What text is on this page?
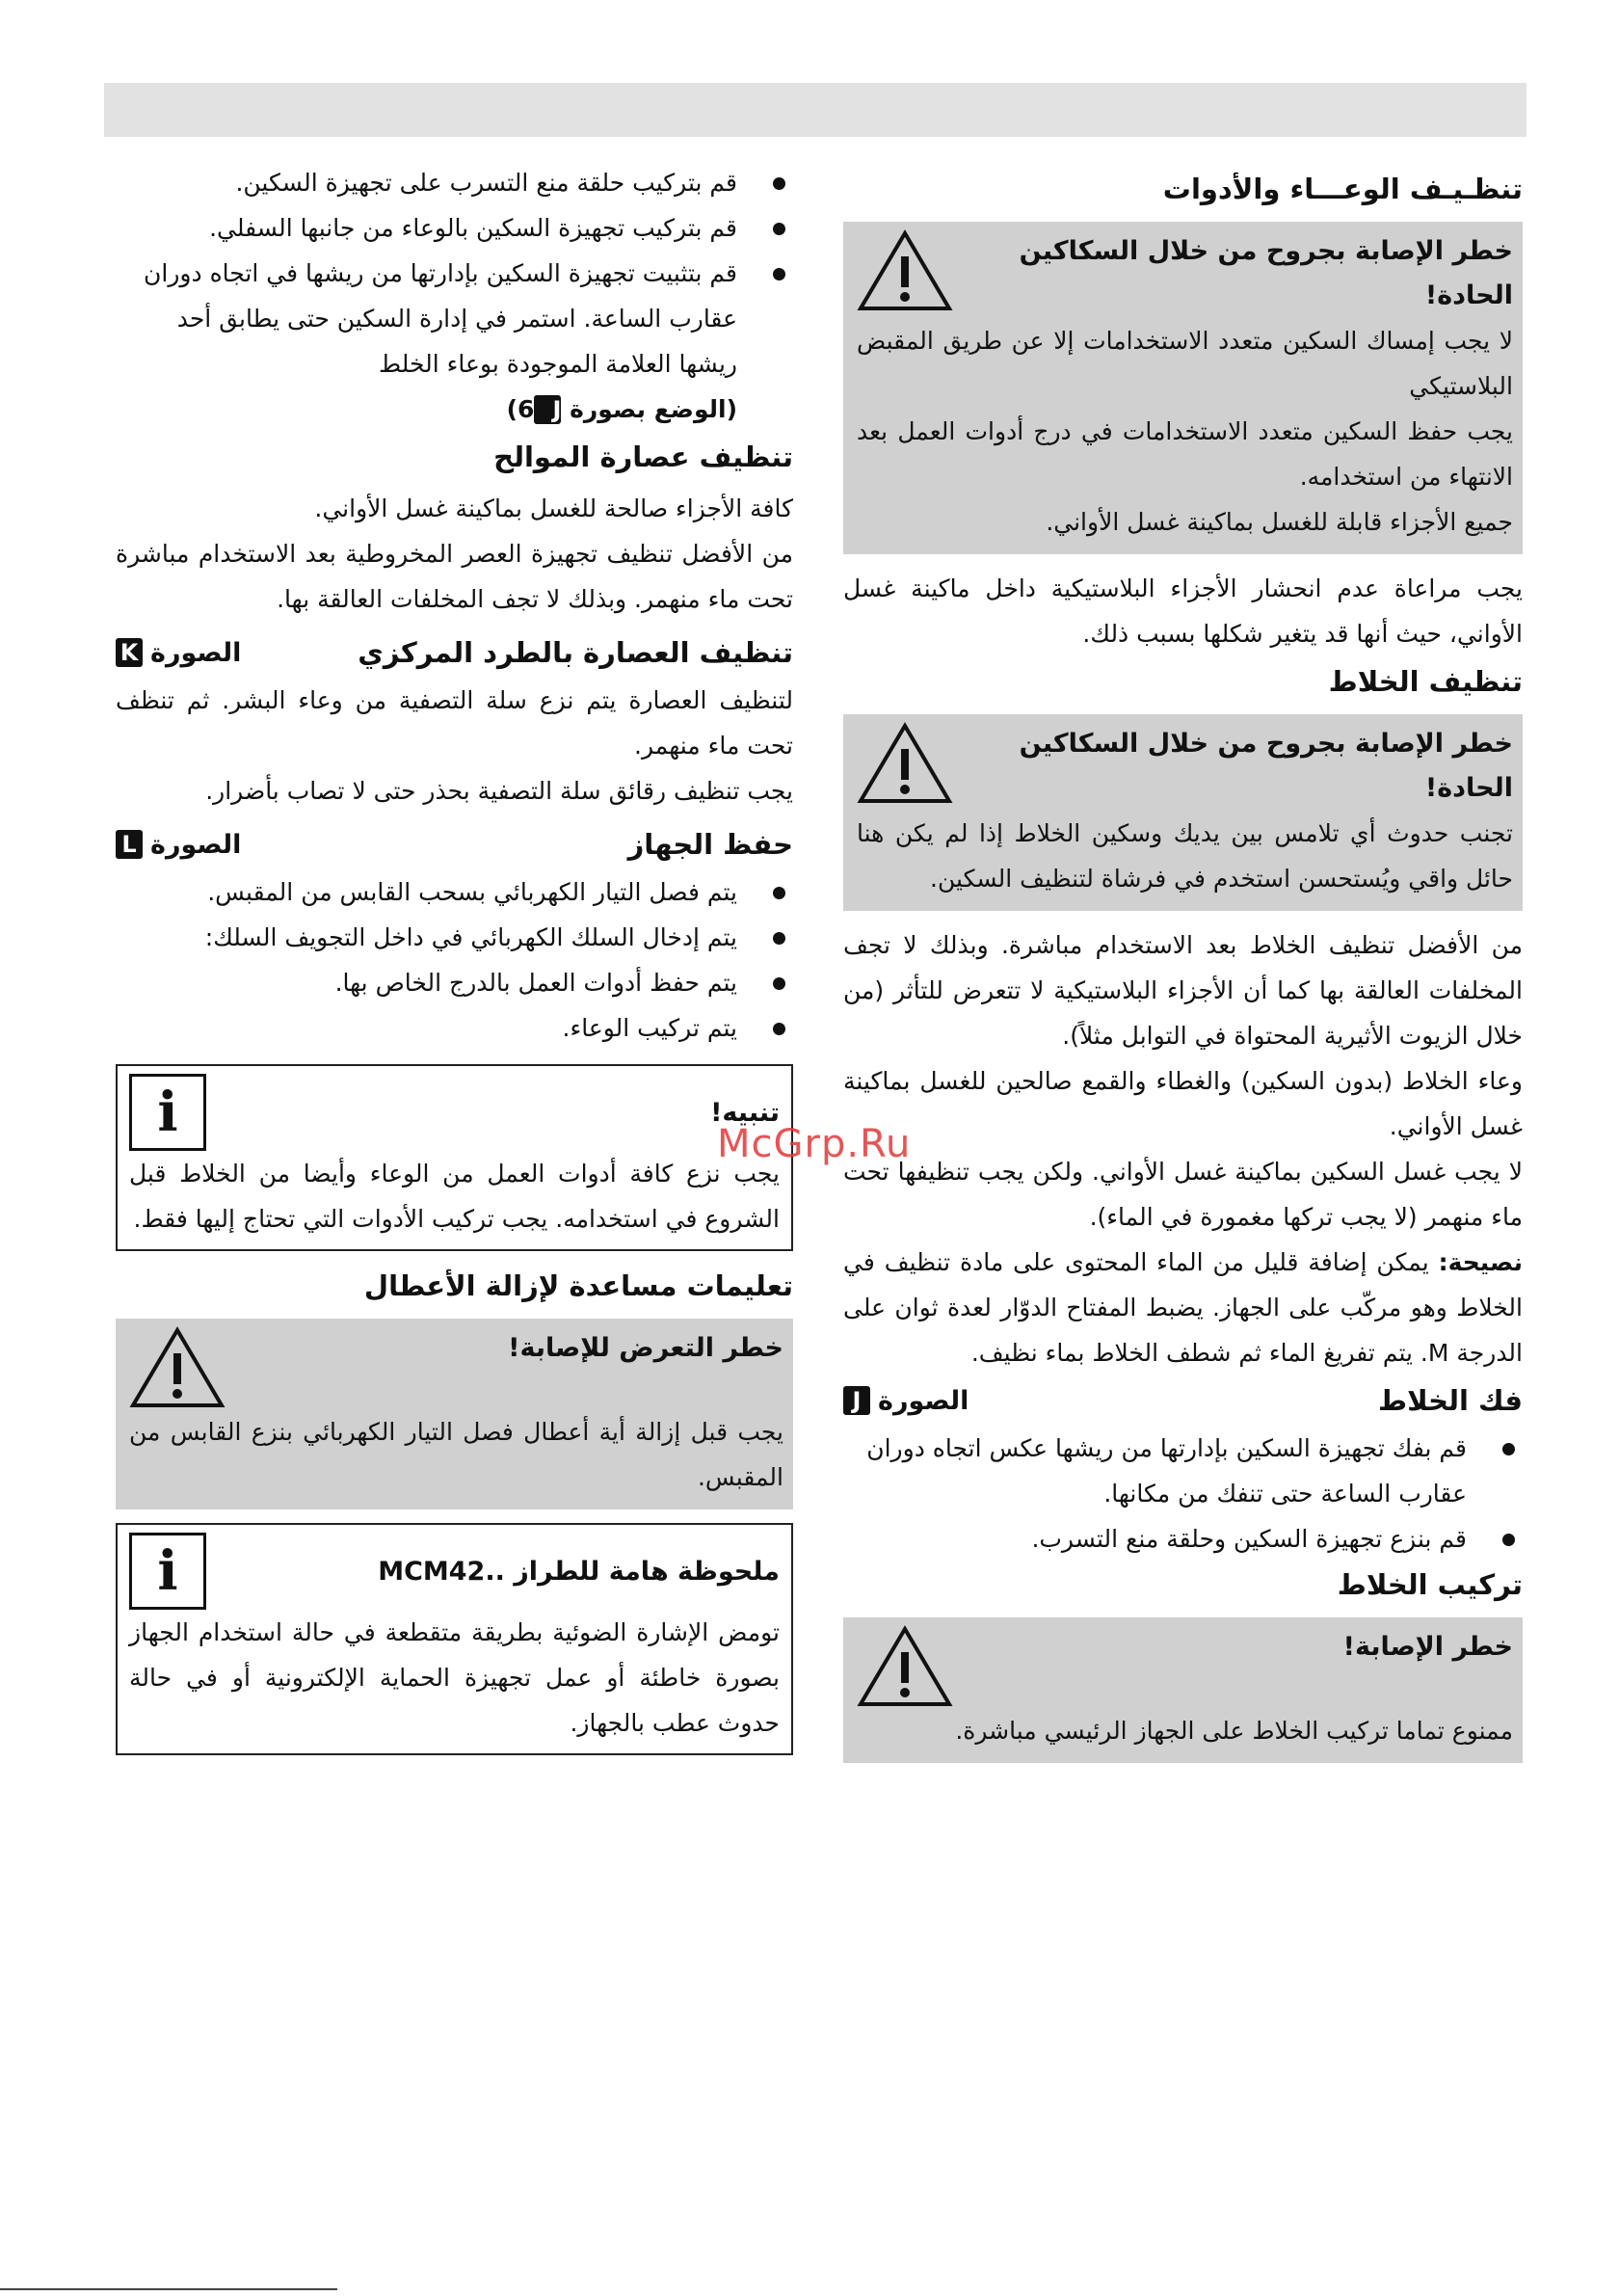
تنظـيـف الوعـــاء والأدوات
خطر الإصابة بجروح من خلال السكاكين الحادة!

لا يجب إمساك السكين متعدد الاستخدامات إلا عن طريق المقبض البلاستيكي

يجب حفظ السكين متعدد الاستخدامات في درج أدوات العمل بعد الانتهاء من استخدامه.

جميع الأجزاء قابلة للغسل بماكينة غسل الأواني.

يجب مراعاة عدم انحشار الأجزاء البلاستيكية داخل ماكينة غسل الأواني، حيث أنها قد يتغير شكلها بسبب ذلك.

تنظيف الخلاط
خطر الإصابة بجروح من خلال السكاكين الحادة!

تجنب حدوث أي تلامس بين يديك وسكين الخلاط إذا لم يكن هنا حائل واقي ويُستحسن استخدم في فرشاة لتنظيف السكين.

من الأفضل تنظيف الخلاط بعد الاستخدام مباشرة. وبذلك لا تجف المخلفات العالقة بها كما أن الأجزاء البلاستيكية لا تتعرض للتأثر (من خلال الزيوت الأثيرية المحتواة في التوابل مثلاً).

وعاء الخلاط (بدون السكين) والغطاء والقمع صالحين للغسل بماكينة غسل الأواني.

لا يجب غسل السكين بماكينة غسل الأواني. ولكن يجب تنظيفها تحت ماء منهمر (لا يجب تركها مغمورة في الماء).

نصيحة: يمكن إضافة قليل من الماء المحتوى على مادة تنظيف في الخلاط وهو مركّب على الجهاز. يضبط المفتاح الدوّار لعدة ثوان على الدرجة M. يتم تفريغ الماء ثم شطف الخلاط بماء نظيف.

فك الخلاط
الصورة
J
قم بفك تجهيزة السكين بإدارتها من ريشها عكس اتجاه دوران عقارب الساعة حتى تنفك من مكانها.
قم بنزع تجهيزة السكين وحلقة منع التسرب.
تركيب الخلاط
خطر الإصابة!

ممنوع تماما تركيب الخلاط على الجهاز الرئيسي مباشرة.

قم بتركيب حلقة منع التسرب على تجهيزة السكين.
قم بتركيب تجهيزة السكين بالوعاء من جانبها السفلي.
قم بتثبيت تجهيزة السكين بإدارتها من ريشها في اتجاه دوران عقارب الساعة. استمر في إدارة السكين حتى يطابق أحد ريشها العلامة الموجودة بوعاء الخلط

(الوضع بصورة J6)

تنظيف عصارة الموالح

كافة الأجزاء صالحة للغسل بماكينة غسل الأواني.

من الأفضل تنظيف تجهيزة العصر المخروطية بعد الاستخدام مباشرة تحت ماء منهمر. وبذلك لا تجف المخلفات العالقة بها.

تنظيف العصارة بالطرد المركزي
الصورة
K

لتنظيف العصارة يتم نزع سلة التصفية من وعاء البشر. ثم تنظف تحت ماء منهمر.

يجب تنظيف رقائق سلة التصفية بحذر حتى لا تصاب بأضرار.

حفظ الجهاز
الصورة
L
يتم فصل التيار الكهربائي بسحب القابس من المقبس.
يتم إدخال السلك الكهربائي في داخل التجويف السلك:
يتم حفظ أدوات العمل بالدرج الخاص بها.
يتم تركيب الوعاء.
تنبيه!
i

يجب نزع كافة أدوات العمل من الوعاء وأيضا من الخلاط قبل الشروع في استخدامه. يجب تركيب الأدوات التي تحتاج إليها فقط.

تعليمات مساعدة لإزالة الأعطال
خطر التعرض للإصابة!

يجب قبل إزالة أية أعطال فصل التيار الكهربائي بنزع القابس من المقبس.

ملحوظة هامة للطراز ..MCM42
i

تومض الإشارة الضوئية بطريقة متقطعة في حالة استخدام الجهاز بصورة خاطئة أو عمل تجهيزة الحماية الإلكترونية أو في حالة حدوث عطب بالجهاز.

McGrp.Ru
